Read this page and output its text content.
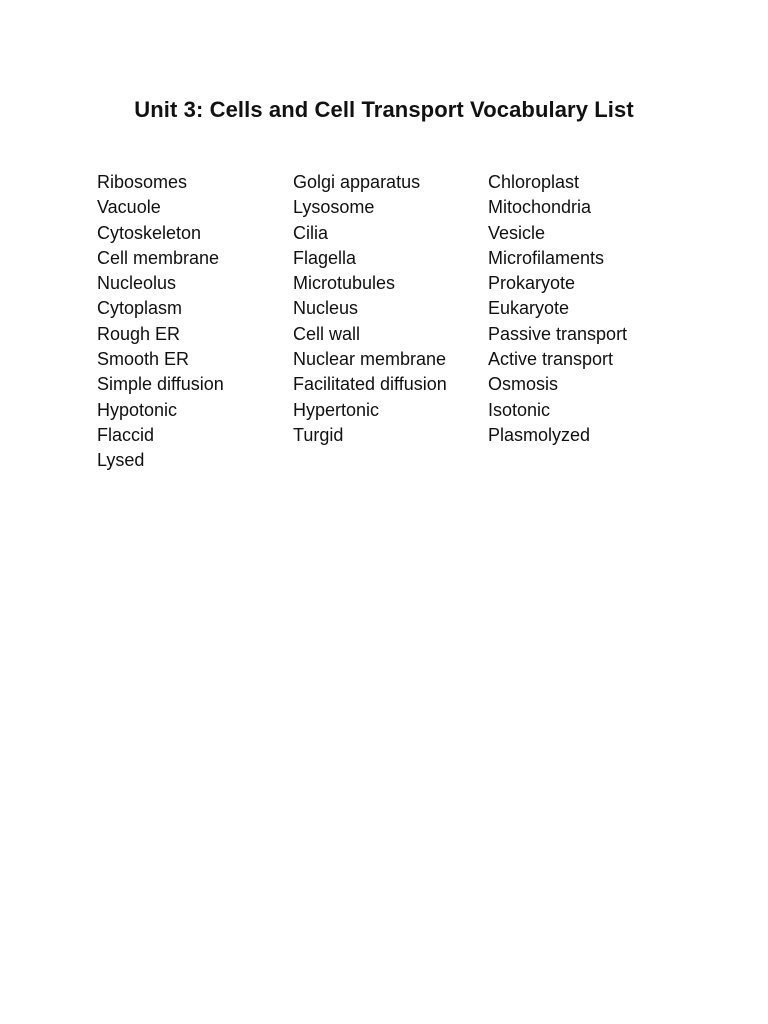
Unit 3: Cells and Cell Transport Vocabulary List
Ribosomes
Vacuole
Cytoskeleton
Cell membrane
Nucleolus
Cytoplasm
Rough ER
Smooth ER
Simple diffusion
Hypotonic
Flaccid
Lysed
Golgi apparatus
Lysosome
Cilia
Flagella
Microtubules
Nucleus
Cell wall
Nuclear membrane
Facilitated diffusion
Hypertonic
Turgid
Chloroplast
Mitochondria
Vesicle
Microfilaments
Prokaryote
Eukaryote
Passive transport
Active transport
Osmosis
Isotonic
Plasmolyzed
